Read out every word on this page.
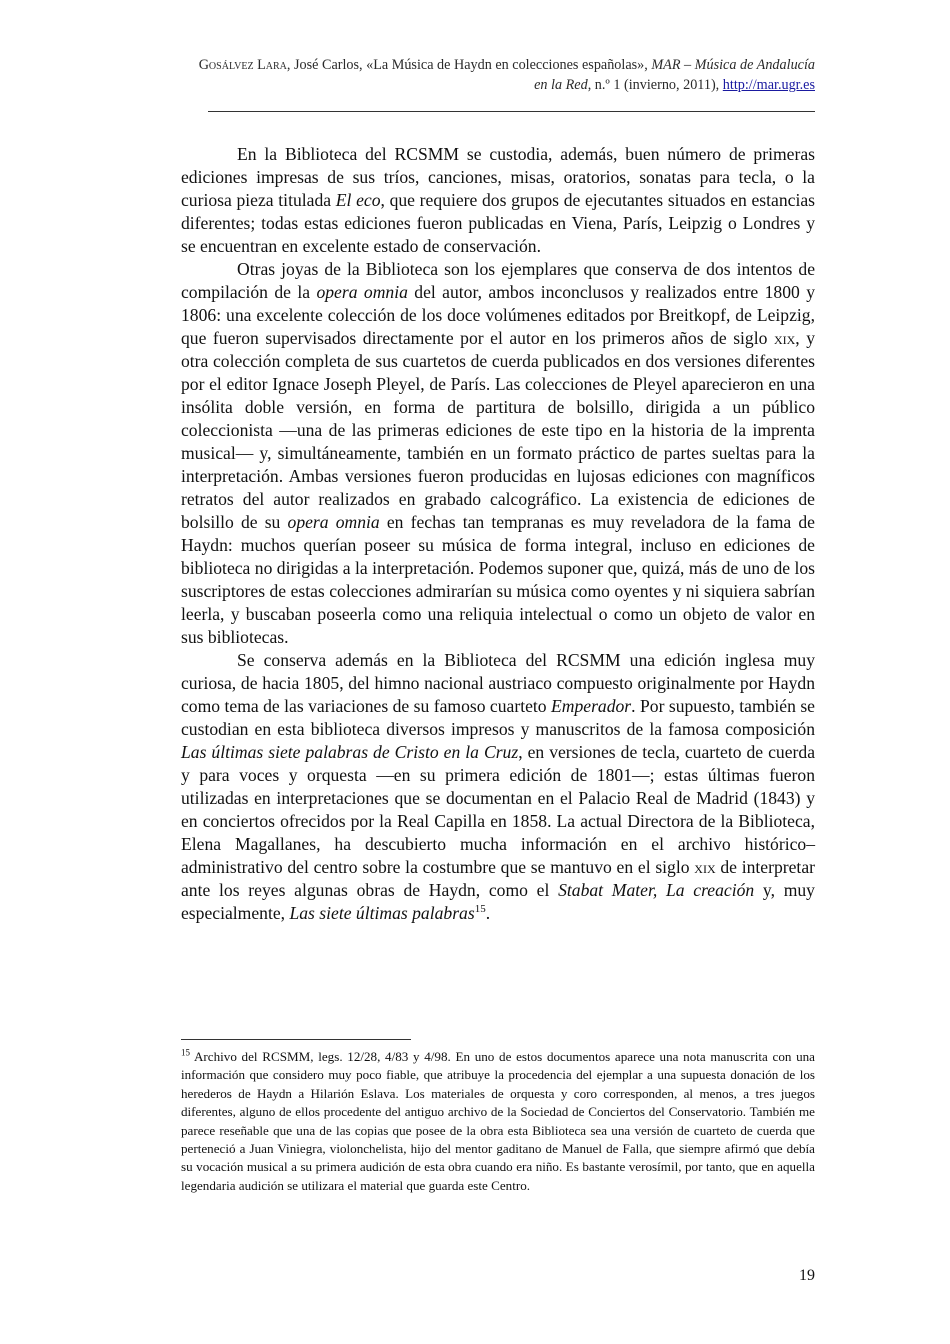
Gosálvez Lara, José Carlos, «La Música de Haydn en colecciones españolas», MAR – Música de Andalucía en la Red, n.º 1 (invierno, 2011), http://mar.ugr.es

En la Biblioteca del RCSMM se custodia, además, buen número de primeras ediciones impresas de sus tríos, canciones, misas, oratorios, sonatas para tecla, o la curiosa pieza titulada El eco, que requiere dos grupos de ejecutantes situados en estancias diferentes; todas estas ediciones fueron publicadas en Viena, París, Leipzig o Londres y se encuentran en excelente estado de conservación.

Otras joyas de la Biblioteca son los ejemplares que conserva de dos intentos de compilación de la opera omnia del autor, ambos inconclusos y realizados entre 1800 y 1806: una excelente colección de los doce volúmenes editados por Breitkopf, de Leipzig, que fueron supervisados directamente por el autor en los primeros años de siglo xix, y otra colección completa de sus cuartetos de cuerda publicados en dos versiones diferentes por el editor Ignace Joseph Pleyel, de París. Las colecciones de Pleyel aparecieron en una insólita doble versión, en forma de partitura de bolsillo, dirigida a un público coleccionista —una de las primeras ediciones de este tipo en la historia de la imprenta musical— y, simultáneamente, también en un formato práctico de partes sueltas para la interpretación. Ambas versiones fueron producidas en lujosas ediciones con magníficos retratos del autor realizados en grabado calcográfico. La existencia de ediciones de bolsillo de su opera omnia en fechas tan tempranas es muy reveladora de la fama de Haydn: muchos querían poseer su música de forma integral, incluso en ediciones de biblioteca no dirigidas a la interpretación. Podemos suponer que, quizá, más de uno de los suscriptores de estas colecciones admirarían su música como oyentes y ni siquiera sabrían leerla, y buscaban poseerla como una reliquia intelectual o como un objeto de valor en sus bibliotecas.

Se conserva además en la Biblioteca del RCSMM una edición inglesa muy curiosa, de hacia 1805, del himno nacional austriaco compuesto originalmente por Haydn como tema de las variaciones de su famoso cuarteto Emperador. Por supuesto, también se custodian en esta biblioteca diversos impresos y manuscritos de la famosa composición Las últimas siete palabras de Cristo en la Cruz, en versiones de tecla, cuarteto de cuerda y para voces y orquesta —en su primera edición de 1801—; estas últimas fueron utilizadas en interpretaciones que se documentan en el Palacio Real de Madrid (1843) y en conciertos ofrecidos por la Real Capilla en 1858. La actual Directora de la Biblioteca, Elena Magallanes, ha descubierto mucha información en el archivo histórico–administrativo del centro sobre la costumbre que se mantuvo en el siglo xix de interpretar ante los reyes algunas obras de Haydn, como el Stabat Mater, La creación y, muy especialmente, Las siete últimas palabras$^{15}$.

$^{15}$ Archivo del RCSMM, legs. 12/28, 4/83 y 4/98. En uno de estos documentos aparece una nota manuscrita con una información que considero muy poco fiable, que atribuye la procedencia del ejemplar a una supuesta donación de los herederos de Haydn a Hilarión Eslava. Los materiales de orquesta y coro corresponden, al menos, a tres juegos diferentes, alguno de ellos procedente del antiguo archivo de la Sociedad de Conciertos del Conservatorio. También me parece reseñable que una de las copias que posee de la obra esta Biblioteca sea una versión de cuarteto de cuerda que perteneció a Juan Viniegra, violonchelista, hijo del mentor gaditano de Manuel de Falla, que siempre afirmó que debía su vocación musical a su primera audición de esta obra cuando era niño. Es bastante verosímil, por tanto, que en aquella legendaria audición se utilizara el material que guarda este Centro.

19
